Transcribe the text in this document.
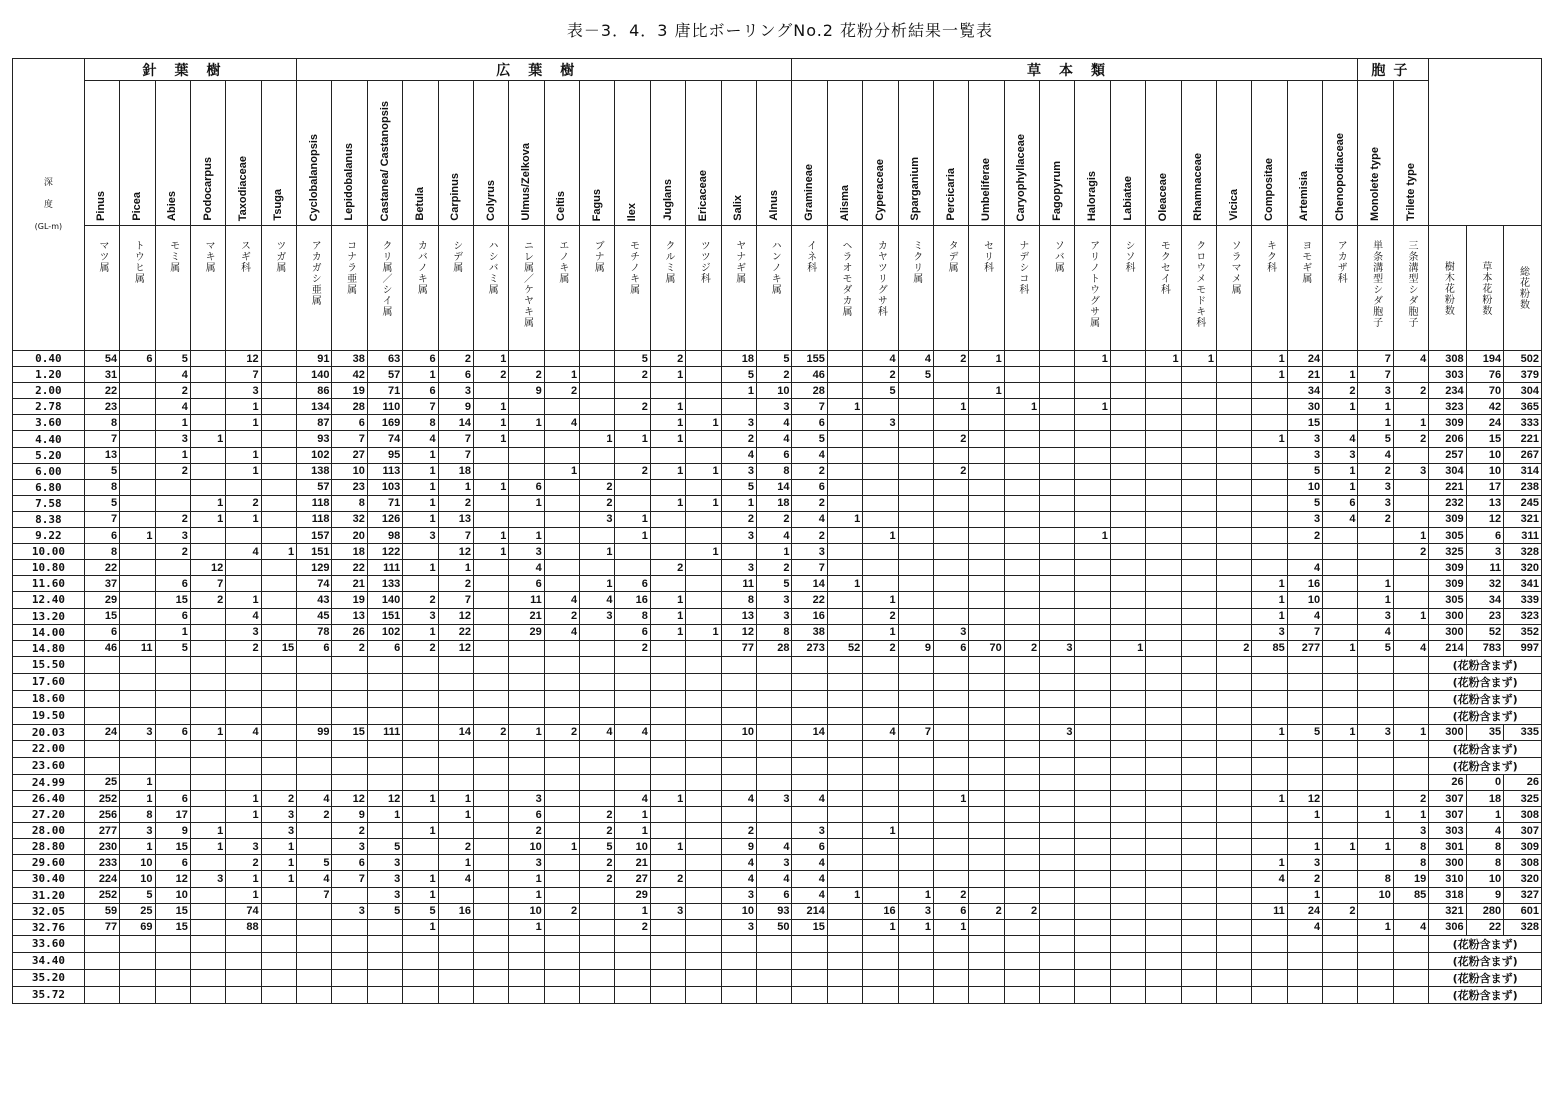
表－3．4．3 唐比ボーリングNo.2 花粉分析結果一覧表
深
度
(GL-m)	針葉樹						広葉樹														草本類																胞子				

	Pinus	Picea	Abies	Podocarpus	Taxodiaceae	Tsuga	Cyclobalanopsis	Lepidobalanus	Castanea/ Castanopsis	Betula	Carpinus	Colyrus	Ulmus/Zelkova	Celtis	Fagus	Ilex	Juglans	Ericaceae	Salix	Alnus	Gramineae	Alisma	Cyperaceae	Sparganium	Percicaria	Umbeliferae	Caryophyllaceae	Fagopyrum	Haloragis	Labiatae	Oleaceae	Rhamnaceae	Vicica	Compositae	Artemisia	Chenopodiaceae	Monolete type	Trilete type			

	マツ属	トウヒ属	モミ属	マキ属	スギ科	ツガ属	アカガシ亜属	コナラ亜属	クリ属／シイ属	カバノキ属	シデ属	ハシバミ属	ニレ属／ケヤキ属	エノキ属	ブナ属	モチノキ属	クルミ属	ツツジ科	ヤナギ属	ハンノキ属	イネ科	ヘラオモダカ属	カヤツリグサ科	ミクリ属	タデ属	セリ科	ナデシコ科	ソバ属	アリノトウグサ属	シソ科	モクセイ科	クロウメモドキ科	ソラマメ属	キク科	ヨモギ属	アカザ科	単条溝型シダ胞子	三条溝型シダ胞子	樹木花粉数	草本花粉数	総花粉数

0.40	54	6	5		12		91	38	63	6	2	1				5	2		18	5	155		4	4	2	1			1		1	1		1	24		7	4	308	194	502
1.20	31		4		7		140	42	57	1	6	2	2	1		2	1		5	2	46		2	5										1	21	1	7		303	76	379
2.00	22		2		3		86	19	71	6	3		9	2					1	10	28		5			1									34	2	3	2	234	70	304
2.78	23		4		1		134	28	110	7	9	1				2	1			3	7	1			1		1		1						30	1	1		323	42	365
3.60	8		1		1		87	6	169	8	14	1	1	4			1	1	3	4	6		3												15		1	1	309	24	333
4.40	7		3	1			93	7	74	4	7	1			1	1	1		2	4	5				2									1	3	4	5	2	206	15	221
5.20	13		1		1		102	27	95	1	7								4	6	4														3	3	4		257	10	267
6.00	5		2		1		138	10	113	1	18			1		2	1	1	3	8	2				2										5	1	2	3	304	10	314
6.80	8						57	23	103	1	1	1	6		2				5	14	6														10	1	3		221	17	238
7.58	5			1	2		118	8	71	1	2		1		2		1	1	1	18	2														5	6	3		232	13	245
8.38	7		2	1	1		118	32	126	1	13				3	1			2	2	4	1													3	4	2		309	12	321
9.22	6	1	3				157	20	98	3	7	1	1			1			3	4	2		1						1						2			1	305	6	311
10.00	8		2		4	1	151	18	122		12	1	3		1			1		1	3																	2	325	3	328
10.80	22			12			129	22	111	1	1		4				2		3	2	7														4				309	11	320
11.60	37		6	7			74	21	133		2		6		1	6			11	5	14	1												1	16		1		309	32	341
12.40	29		15	2	1		43	19	140	2	7		11	4	4	16	1		8	3	22		1											1	10		1		305	34	339
13.20	15		6		4		45	13	151	3	12		21	2	3	8	1		13	3	16		2											1	4		3	1	300	23	323
14.00	6		1		3		78	26	102	1	22		29	4		6	1	1	12	8	38		1		3									3	7		4		300	52	352
14.80	46	11	5		2	15	6	2	6	2	12					2			77	28	273	52	2	9	6	70	2	3		1			2	85	277	1	5	4	214	783	997
15.50																																							(花粉含まず)		
17.60																																							(花粉含まず)		
18.60																																							(花粉含まず)		
19.50																																							(花粉含まず)		
20.03	24	3	6	1	4		99	15	111		14	2	1	2	4	4			10		14		4	7				3						1	5	1	3	1	300	35	335
22.00																																							(花粉含まず)		
23.60																																							(花粉含まず)		
24.99	25	1																																					26	0	26
26.40	252	1	6		1	2	4	12	12	1	1		3			4	1		4	3	4				1									1	12			2	307	18	325
27.20	256	8	17		1	3	2	9	1		1		6		2	1																			1		1	1	307	1	308
28.00	277	3	9	1		3		2		1			2		2	1			2		3		1															3	303	4	307
28.80	230	1	15	1	3	1		3	5		2		10	1	5	10	1		9	4	6														1	1	1	8	301	8	309
29.60	233	10	6		2	1	5	6	3		1		3		2	21			4	3	4													1	3			8	300	8	308
30.40	224	10	12	3	1	1	4	7	3	1	4		1		2	27	2		4	4	4													4	2		8	19	310	10	320
31.20	252	5	10		1		7		3	1			1			29			3	6	4	1		1	2										1		10	85	318	9	327
32.05	59	25	15		74			3	5	5	16		10	2		1	3		10	93	214		16	3	6	2	2							11	24	2			321	280	601
32.76	77	69	15		88					1			1			2			3	50	15		1	1	1										4		1	4	306	22	328
33.60																																							(花粉含まず)		
34.40																																							(花粉含まず)		
35.20																																							(花粉含まず)		
35.72																																							(花粉含まず)		
